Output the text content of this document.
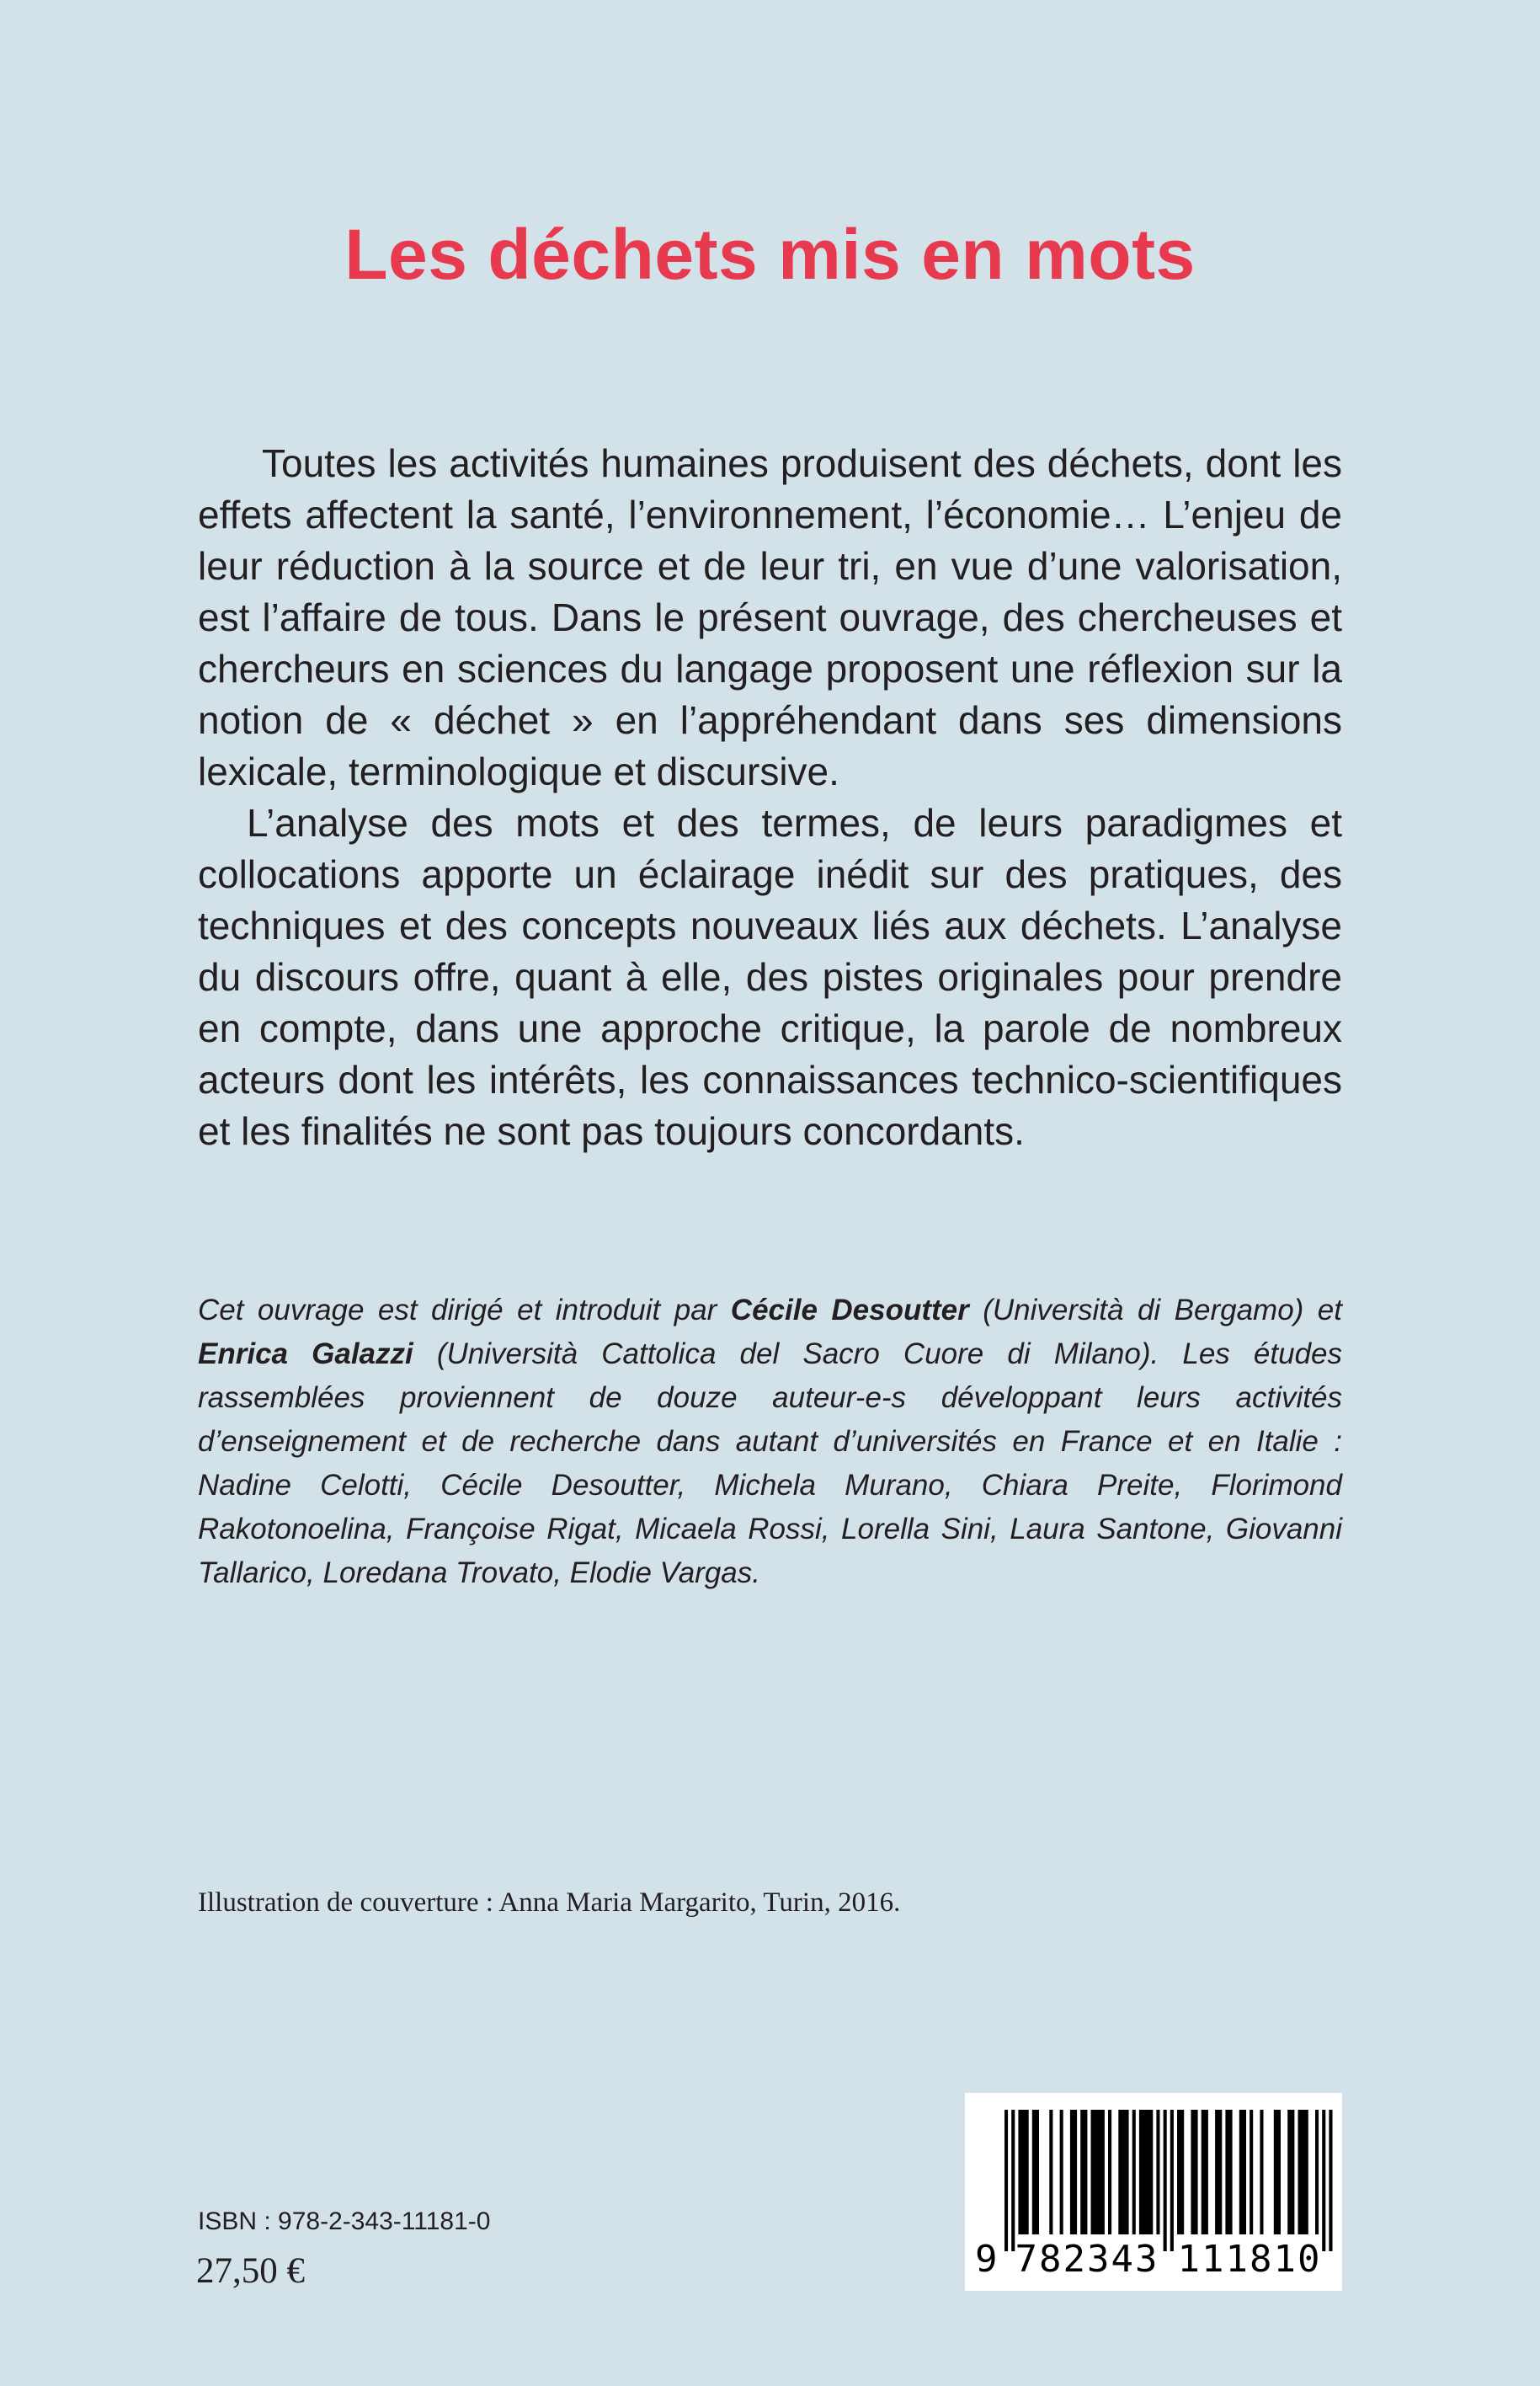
Les déchets mis en mots

Toutes les activités humaines produisent des déchets, dont les effets affectent la santé, l’environnement, l’économie… L’enjeu de leur réduction à la source et de leur tri, en vue d’une valorisation, est l’affaire de tous. Dans le présent ouvrage, des chercheuses et chercheurs en sciences du langage proposent une réflexion sur la notion de « déchet » en l’appréhendant dans ses dimensions lexicale, terminologique et discursive.

L’analyse des mots et des termes, de leurs paradigmes et collocations apporte un éclairage inédit sur des pratiques, des techniques et des concepts nouveaux liés aux déchets. L’analyse du discours offre, quant à elle, des pistes originales pour prendre en compte, dans une approche critique, la parole de nombreux acteurs dont les intérêts, les connaissances technico-scientifiques et les finalités ne sont pas toujours concordants.

Cet ouvrage est dirigé et introduit par Cécile Desoutter (Università di Bergamo) et Enrica Galazzi (Università Cattolica del Sacro Cuore di Milano). Les études rassemblées proviennent de douze auteur-e-s développant leurs activités d’enseignement et de recherche dans autant d’universités en France et en Italie : Nadine Celotti, Cécile Desoutter, Michela Murano, Chiara Preite, Florimond Rakotonoelina, Françoise Rigat, Micaela Rossi, Lorella Sini, Laura Santone, Giovanni Tallarico, Loredana Trovato, Elodie Vargas.

Illustration de couverture : Anna Maria Margarito, Turin, 2016.

ISBN : 978-2-343-11181-0

27,50 €	9 782343 111810
